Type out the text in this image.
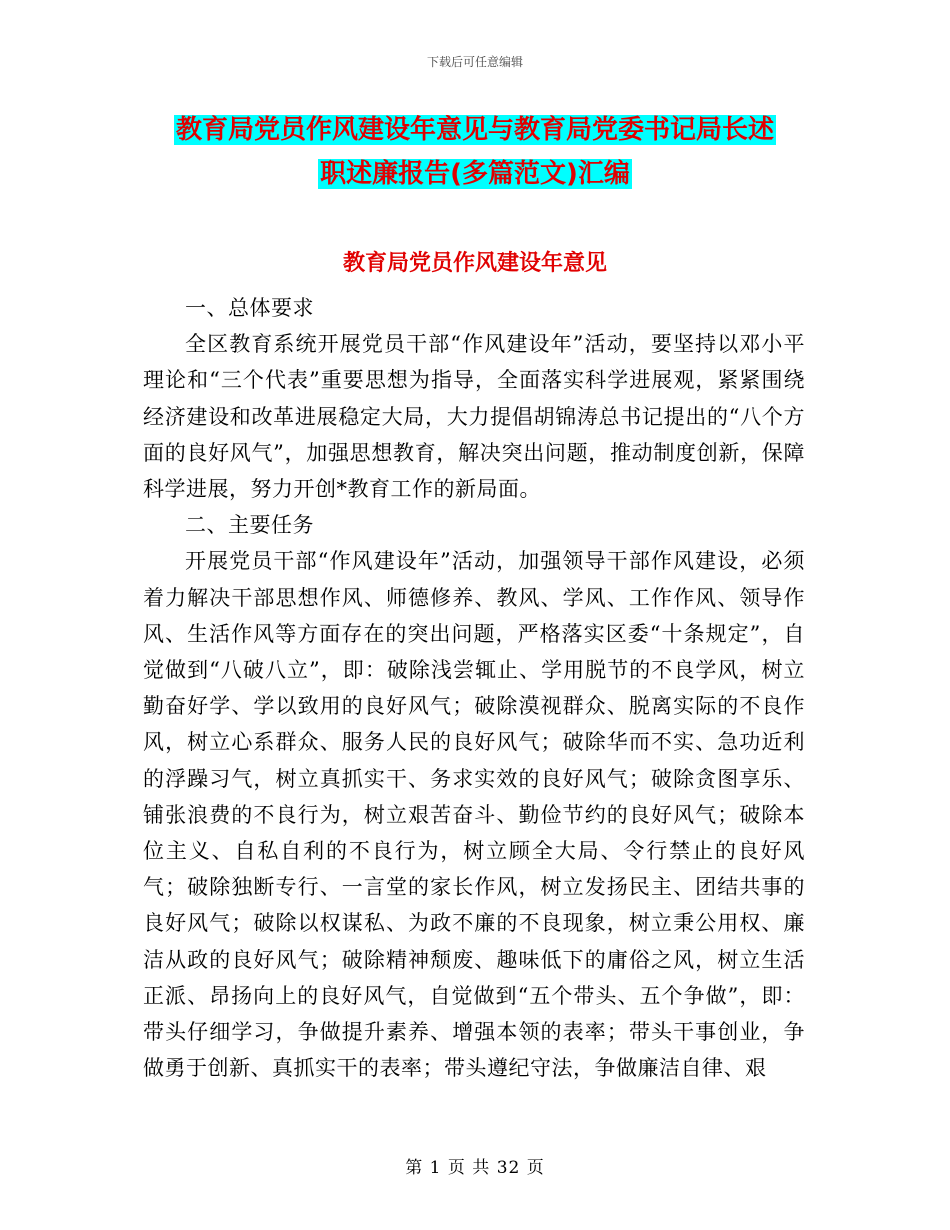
下载后可任意编辑
教育局党员作风建设年意见与教育局党委书记局长述
职述廉报告(多篇范文)汇编
教育局党员作风建设年意见

一、总体要求

全区教育系统开展党员干部“作风建设年”活动，要坚持以邓小平理论和“三个代表”重要思想为指导，全面落实科学进展观，紧紧围绕经济建设和改革进展稳定大局，大力提倡胡锦涛总书记提出的“八个方面的良好风气”，加强思想教育，解决突出问题，推动制度创新，保障科学进展，努力开创*教育工作的新局面。

二、主要任务

开展党员干部“作风建设年”活动，加强领导干部作风建设，必须着力解决干部思想作风、师德修养、教风、学风、工作作风、领导作风、生活作风等方面存在的突出问题，严格落实区委“十条规定”，自觉做到“八破八立”，即：破除浅尝辄止、学用脱节的不良学风，树立勤奋好学、学以致用的良好风气；破除漠视群众、脱离实际的不良作风，树立心系群众、服务人民的良好风气；破除华而不实、急功近利的浮躁习气，树立真抓实干、务求实效的良好风气；破除贪图享乐、铺张浪费的不良行为，树立艰苦奋斗、勤俭节约的良好风气；破除本位主义、自私自利的不良行为，树立顾全大局、令行禁止的良好风气；破除独断专行、一言堂的家长作风，树立发扬民主、团结共事的良好风气；破除以权谋私、为政不廉的不良现象，树立秉公用权、廉洁从政的良好风气；破除精神颓废、趣味低下的庸俗之风，树立生活正派、昂扬向上的良好风气，自觉做到“五个带头、五个争做”，即：带头仔细学习，争做提升素养、增强本领的表率；带头干事创业，争做勇于创新、真抓实干的表率；带头遵纪守法，争做廉洁自律、艰

第 1 页 共 32 页
